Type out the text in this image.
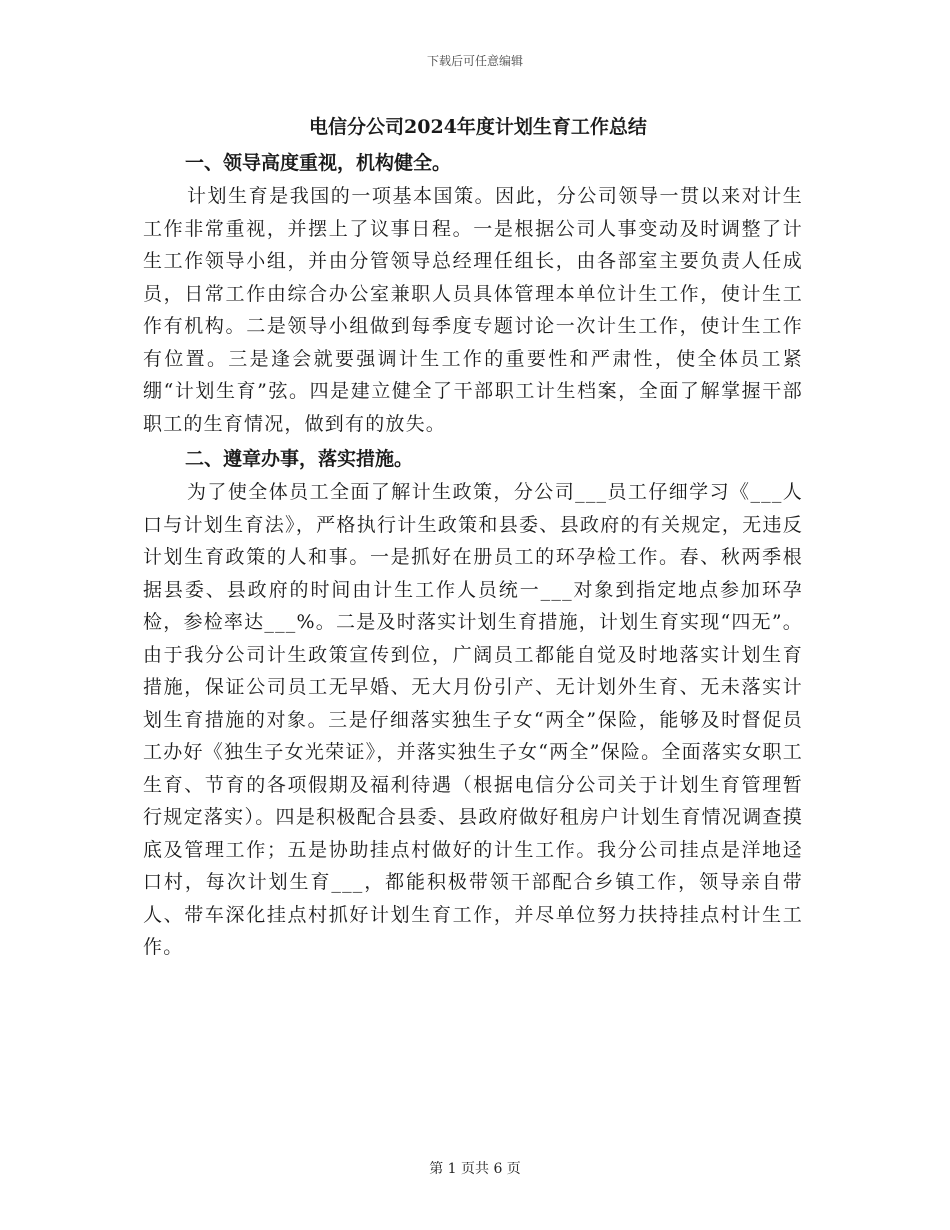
下载后可任意编辑
电信分公司2024年度计划生育工作总结
一、领导高度重视，机构健全。

计划生育是我国的一项基本国策。因此，分公司领导一贯以来对计生工作非常重视，并摆上了议事日程。一是根据公司人事变动及时调整了计生工作领导小组，并由分管领导总经理任组长，由各部室主要负责人任成员，日常工作由综合办公室兼职人员具体管理本单位计生工作，使计生工作有机构。二是领导小组做到每季度专题讨论一次计生工作，使计生工作有位置。三是逢会就要强调计生工作的重要性和严肃性，使全体员工紧绷“计划生育”弦。四是建立健全了干部职工计生档案，全面了解掌握干部职工的生育情况，做到有的放失。

二、遵章办事，落实措施。

为了使全体员工全面了解计生政策，分公司___员工仔细学习《___人口与计划生育法》，严格执行计生政策和县委、县政府的有关规定，无违反计划生育政策的人和事。一是抓好在册员工的环孕检工作。春、秋两季根据县委、县政府的时间由计生工作人员统一___对象到指定地点参加环孕检，参检率达___%。二是及时落实计划生育措施，计划生育实现“四无”。由于我分公司计生政策宣传到位，广阔员工都能自觉及时地落实计划生育措施，保证公司员工无早婚、无大月份引产、无计划外生育、无未落实计划生育措施的对象。三是仔细落实独生子女“两全”保险，能够及时督促员工办好《独生子女光荣证》，并落实独生子女“两全”保险。全面落实女职工生育、节育的各项假期及福利待遇（根据电信分公司关于计划生育管理暂行规定落实）。四是积极配合县委、县政府做好租房户计划生育情况调查摸底及管理工作；五是协助挂点村做好的计生工作。我分公司挂点是洋地迳口村，每次计划生育___，都能积极带领干部配合乡镇工作，领导亲自带人、带车深化挂点村抓好计划生育工作，并尽单位努力扶持挂点村计生工作。

第 1 页共 6 页
